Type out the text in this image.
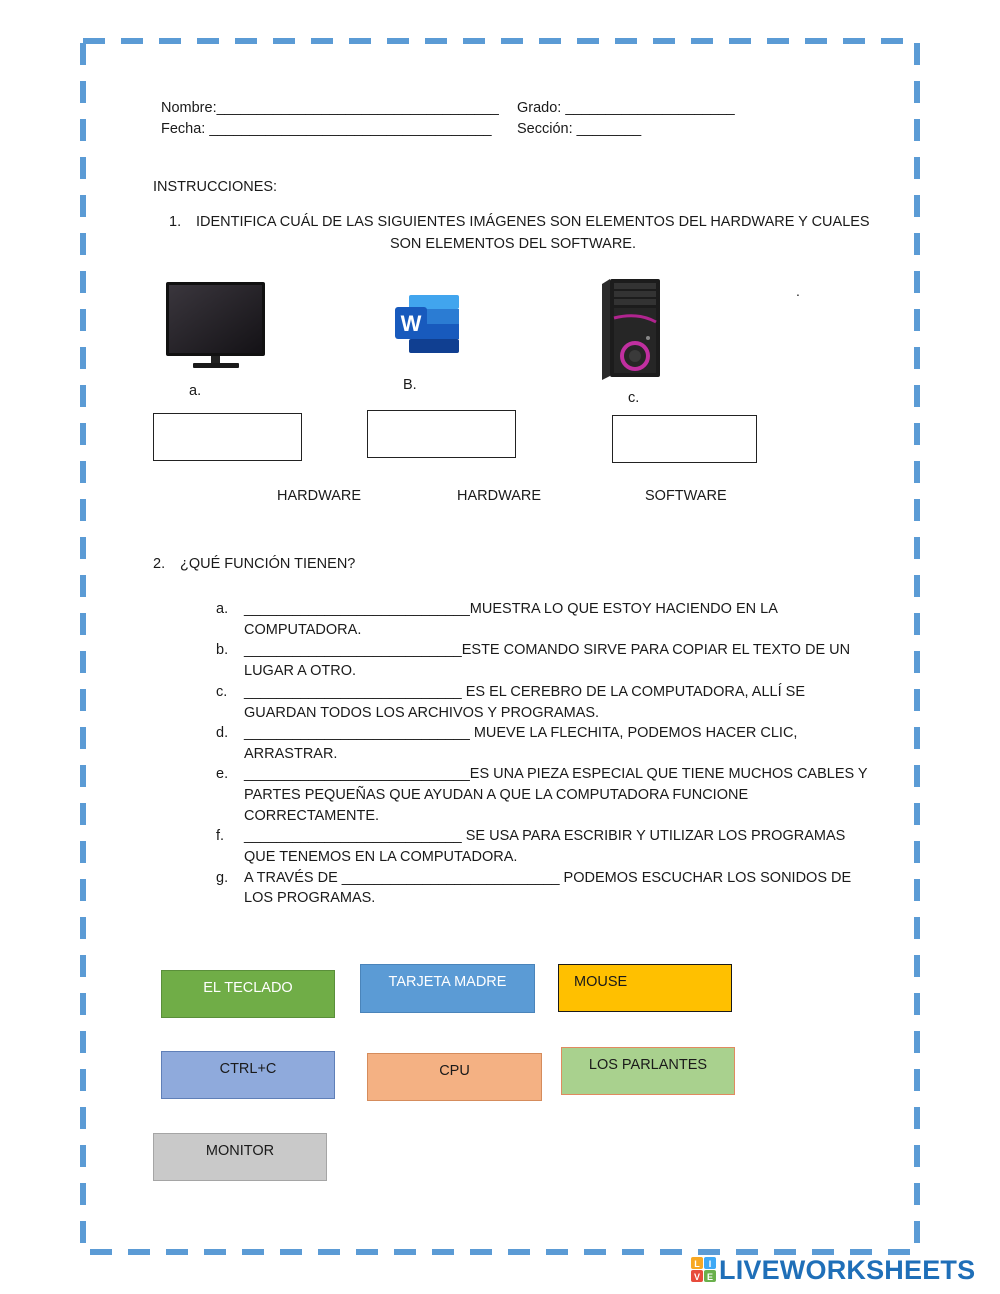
Nombre:___________________________________ Grado: _____________________
Fecha: ___________________________________ Sección: ________
INSTRUCCIONES:
1. IDENTIFICA CUÁL DE LAS SIGUIENTES IMÁGENES SON ELEMENTOS DEL HARDWARE Y CUALES
SON ELEMENTOS DEL SOFTWARE.
.
a.
W
B.
c.
HARDWARE	HARDWARE	SOFTWARE
2. ¿QUÉ FUNCIÓN TIENEN?
a. ____________________________MUESTRA LO QUE ESTOY HACIENDO EN LA
COMPUTADORA.
b. ___________________________ESTE COMANDO SIRVE PARA COPIAR EL TEXTO DE UN
LUGAR A OTRO.
c. ___________________________ ES EL CEREBRO DE LA COMPUTADORA, ALLÍ SE
GUARDAN TODOS LOS ARCHIVOS Y PROGRAMAS.
d. ____________________________ MUEVE LA FLECHITA, PODEMOS HACER CLIC,
ARRASTRAR.
e. ____________________________ES UNA PIEZA ESPECIAL QUE TIENE MUCHOS CABLES Y
PARTES PEQUEÑAS QUE AYUDAN A QUE LA COMPUTADORA FUNCIONE
CORRECTAMENTE.
f. ___________________________ SE USA PARA ESCRIBIR Y UTILIZAR LOS PROGRAMAS
QUE TENEMOS EN LA COMPUTADORA.
g. A TRAVÉS DE ___________________________ PODEMOS ESCUCHAR LOS SONIDOS DE
LOS PROGRAMAS.
EL TECLADO	TARJETA MADRE	MOUSE
CTRL+C	CPU	LOS PARLANTES
MONITOR
L I
V E LIVEWORKSHEETS
